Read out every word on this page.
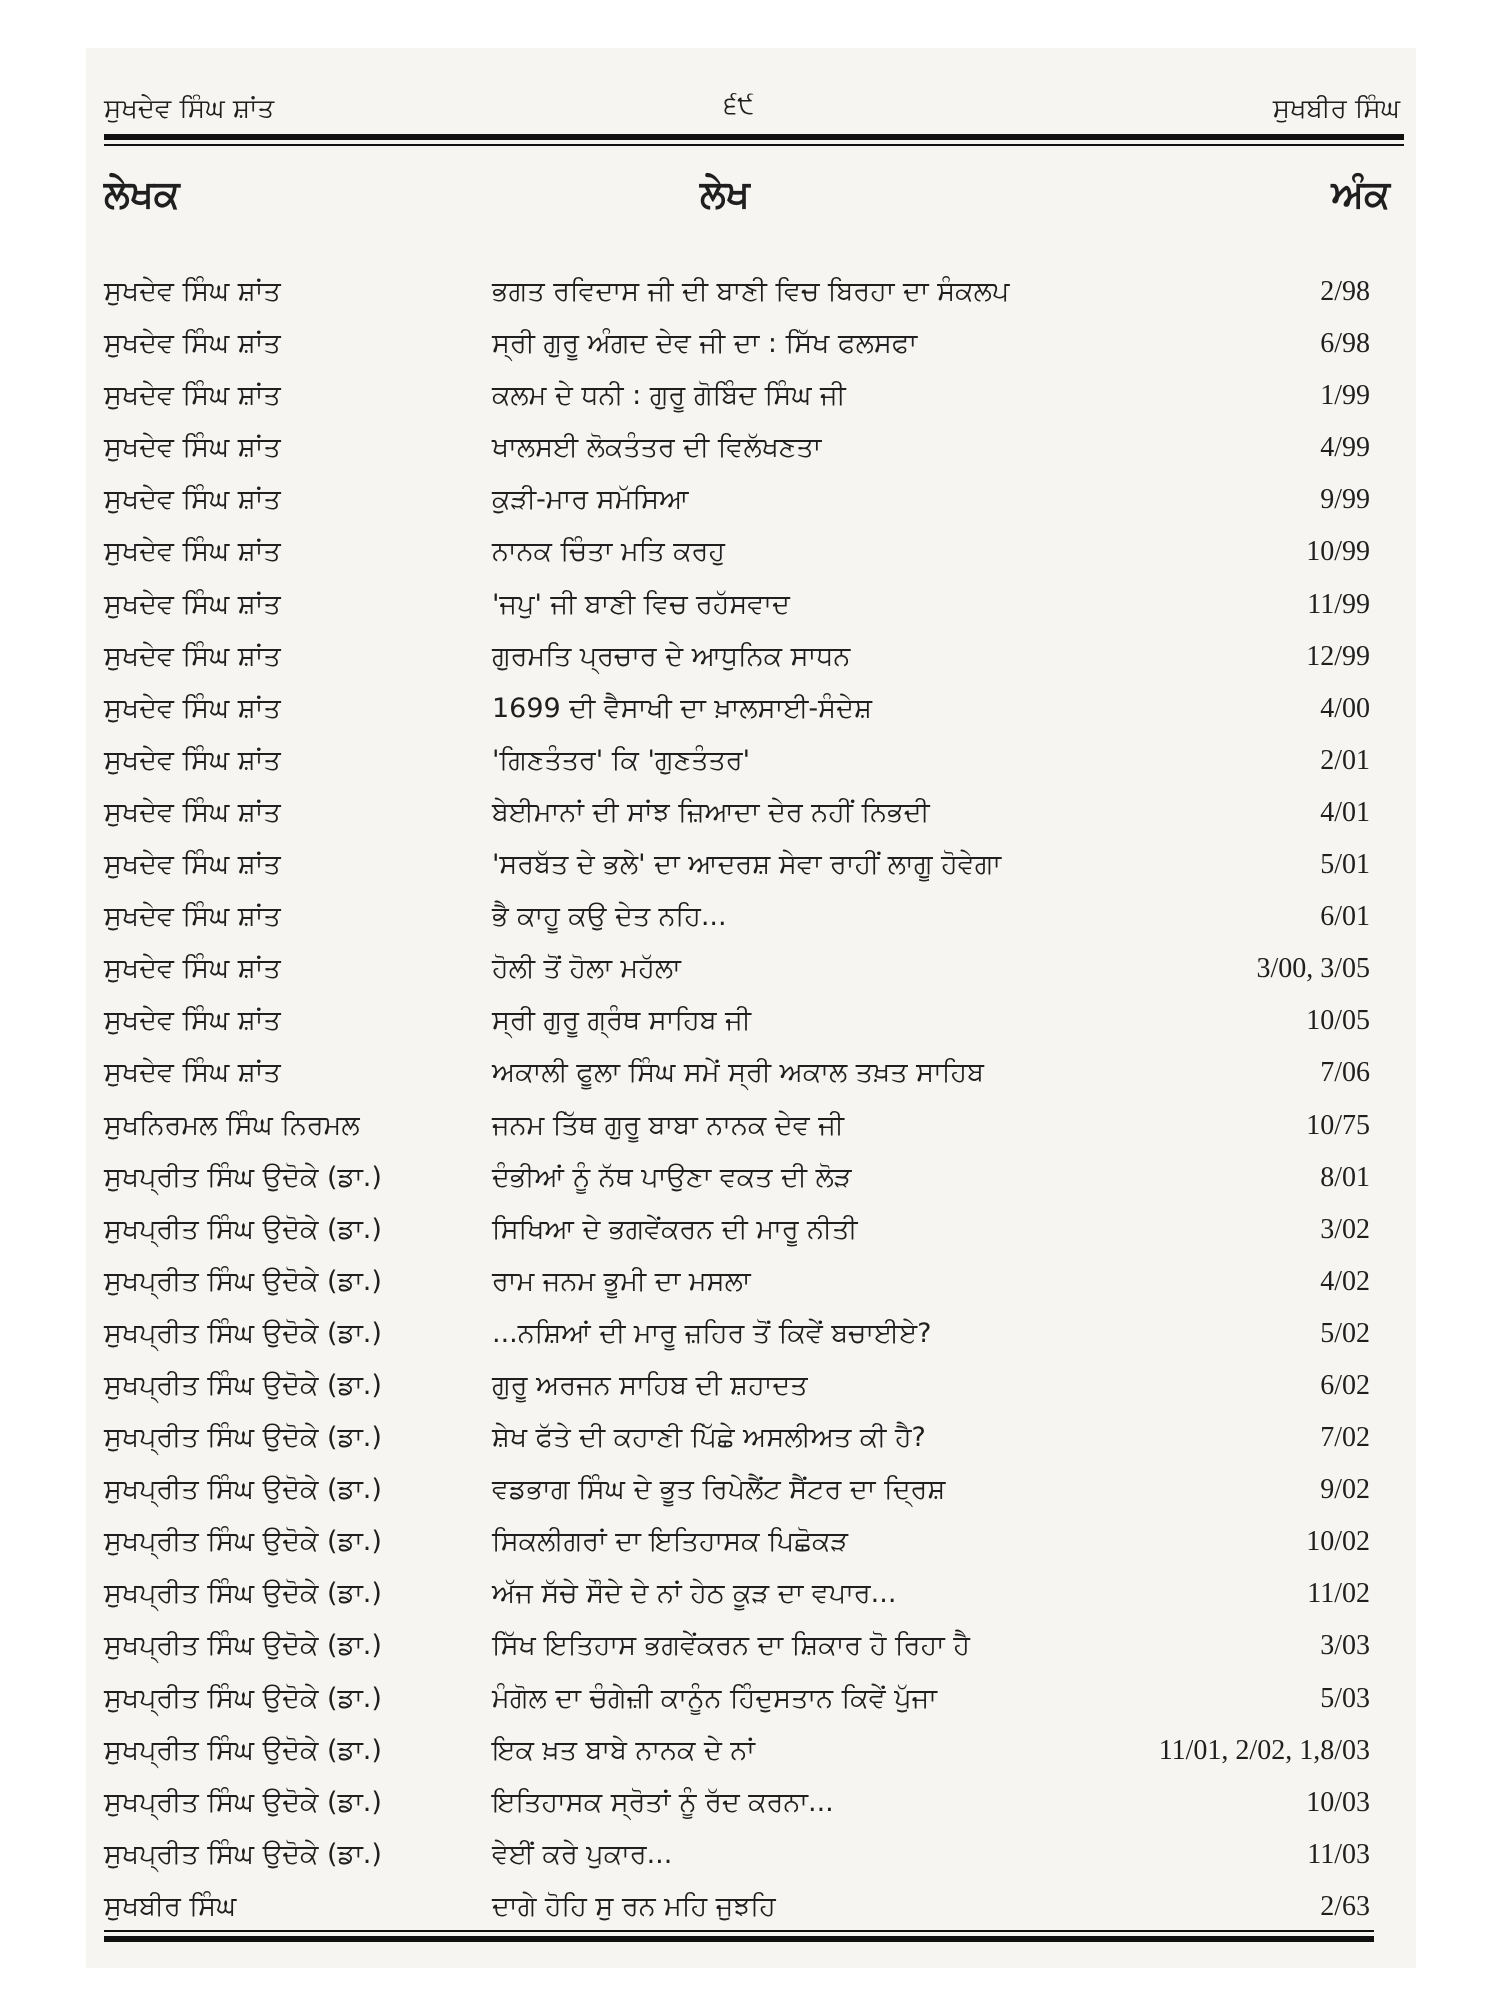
ਸੁਖਦੇਵ ਸਿੰਘ ਸ਼ਾਂਤ	੬੯	ਸੁਖਬੀਰ ਸਿੰਘ
ਲੇਖਕ	ਲੇਖ	ਅੰਕ
ਸੁਖਦੇਵ ਸਿੰਘ ਸ਼ਾਂਤ	ਭਗਤ ਰਵਿਦਾਸ ਜੀ ਦੀ ਬਾਣੀ ਵਿਚ ਬਿਰਹਾ ਦਾ ਸੰਕਲਪ	2/98
ਸੁਖਦੇਵ ਸਿੰਘ ਸ਼ਾਂਤ	ਸ੍ਰੀ ਗੁਰੂ ਅੰਗਦ ਦੇਵ ਜੀ ਦਾ : ਸਿੱਖ ਫਲਸਫਾ	6/98
ਸੁਖਦੇਵ ਸਿੰਘ ਸ਼ਾਂਤ	ਕਲਮ ਦੇ ਧਨੀ : ਗੁਰੂ ਗੋਬਿੰਦ ਸਿੰਘ ਜੀ	1/99
ਸੁਖਦੇਵ ਸਿੰਘ ਸ਼ਾਂਤ	ਖਾਲਸਈ ਲੋਕਤੰਤਰ ਦੀ ਵਿਲੱਖਣਤਾ	4/99
ਸੁਖਦੇਵ ਸਿੰਘ ਸ਼ਾਂਤ	ਕੁੜੀ-ਮਾਰ ਸਮੱਸਿਆ	9/99
ਸੁਖਦੇਵ ਸਿੰਘ ਸ਼ਾਂਤ	ਨਾਨਕ ਚਿੰਤਾ ਮਤਿ ਕਰਹੁ	10/99
ਸੁਖਦੇਵ ਸਿੰਘ ਸ਼ਾਂਤ	'ਜਪੁ' ਜੀ ਬਾਣੀ ਵਿਚ ਰਹੱਸਵਾਦ	11/99
ਸੁਖਦੇਵ ਸਿੰਘ ਸ਼ਾਂਤ	ਗੁਰਮਤਿ ਪ੍ਰਚਾਰ ਦੇ ਆਧੁਨਿਕ ਸਾਧਨ	12/99
ਸੁਖਦੇਵ ਸਿੰਘ ਸ਼ਾਂਤ	1699 ਦੀ ਵੈਸਾਖੀ ਦਾ ਖ਼ਾਲਸਾਈ-ਸੰਦੇਸ਼	4/00
ਸੁਖਦੇਵ ਸਿੰਘ ਸ਼ਾਂਤ	'ਗਿਣਤੰਤਰ' ਕਿ 'ਗੁਣਤੰਤਰ'	2/01
ਸੁਖਦੇਵ ਸਿੰਘ ਸ਼ਾਂਤ	ਬੇਈਮਾਨਾਂ ਦੀ ਸਾਂਝ ਜ਼ਿਆਦਾ ਦੇਰ ਨਹੀਂ ਨਿਭਦੀ	4/01
ਸੁਖਦੇਵ ਸਿੰਘ ਸ਼ਾਂਤ	'ਸਰਬੱਤ ਦੇ ਭਲੇ' ਦਾ ਆਦਰਸ਼ ਸੇਵਾ ਰਾਹੀਂ ਲਾਗੂ ਹੋਵੇਗਾ	5/01
ਸੁਖਦੇਵ ਸਿੰਘ ਸ਼ਾਂਤ	ਭੈ ਕਾਹੂ ਕਉ ਦੇਤ ਨਹਿ...	6/01
ਸੁਖਦੇਵ ਸਿੰਘ ਸ਼ਾਂਤ	ਹੋਲੀ ਤੋਂ ਹੋਲਾ ਮਹੱਲਾ	3/00, 3/05
ਸੁਖਦੇਵ ਸਿੰਘ ਸ਼ਾਂਤ	ਸ੍ਰੀ ਗੁਰੂ ਗ੍ਰੰਥ ਸਾਹਿਬ ਜੀ	10/05
ਸੁਖਦੇਵ ਸਿੰਘ ਸ਼ਾਂਤ	ਅਕਾਲੀ ਫੂਲਾ ਸਿੰਘ ਸਮੇਂ ਸ੍ਰੀ ਅਕਾਲ ਤਖ਼ਤ ਸਾਹਿਬ	7/06
ਸੁਖਨਿਰਮਲ ਸਿੰਘ ਨਿਰਮਲ	ਜਨਮ ਤਿੱਥ ਗੁਰੂ ਬਾਬਾ ਨਾਨਕ ਦੇਵ ਜੀ	10/75
ਸੁਖਪ੍ਰੀਤ ਸਿੰਘ ਉਦੋਕੇ (ਡਾ.)	ਦੰਭੀਆਂ ਨੂੰ ਨੱਥ ਪਾਉਣਾ ਵਕਤ ਦੀ ਲੋੜ	8/01
ਸੁਖਪ੍ਰੀਤ ਸਿੰਘ ਉਦੋਕੇ (ਡਾ.)	ਸਿਖਿਆ ਦੇ ਭਗਵੇਂਕਰਨ ਦੀ ਮਾਰੂ ਨੀਤੀ	3/02
ਸੁਖਪ੍ਰੀਤ ਸਿੰਘ ਉਦੋਕੇ (ਡਾ.)	ਰਾਮ ਜਨਮ ਭੂਮੀ ਦਾ ਮਸਲਾ	4/02
ਸੁਖਪ੍ਰੀਤ ਸਿੰਘ ਉਦੋਕੇ (ਡਾ.)	...ਨਸ਼ਿਆਂ ਦੀ ਮਾਰੂ ਜ਼ਹਿਰ ਤੋਂ ਕਿਵੇਂ ਬਚਾਈਏ?	5/02
ਸੁਖਪ੍ਰੀਤ ਸਿੰਘ ਉਦੋਕੇ (ਡਾ.)	ਗੁਰੂ ਅਰਜਨ ਸਾਹਿਬ ਦੀ ਸ਼ਹਾਦਤ	6/02
ਸੁਖਪ੍ਰੀਤ ਸਿੰਘ ਉਦੋਕੇ (ਡਾ.)	ਸ਼ੇਖ ਫੱਤੇ ਦੀ ਕਹਾਣੀ ਪਿੱਛੇ ਅਸਲੀਅਤ ਕੀ ਹੈ?	7/02
ਸੁਖਪ੍ਰੀਤ ਸਿੰਘ ਉਦੋਕੇ (ਡਾ.)	ਵਡਭਾਗ ਸਿੰਘ ਦੇ ਭੂਤ ਰਿਪੇਲੈਂਟ ਸੈਂਟਰ ਦਾ ਦ੍ਰਿਸ਼	9/02
ਸੁਖਪ੍ਰੀਤ ਸਿੰਘ ਉਦੋਕੇ (ਡਾ.)	ਸਿਕਲੀਗਰਾਂ ਦਾ ਇਤਿਹਾਸਕ ਪਿਛੋਕੜ	10/02
ਸੁਖਪ੍ਰੀਤ ਸਿੰਘ ਉਦੋਕੇ (ਡਾ.)	ਅੱਜ ਸੱਚੇ ਸੌਦੇ ਦੇ ਨਾਂ ਹੇਠ ਕੂੜ ਦਾ ਵਪਾਰ...	11/02
ਸੁਖਪ੍ਰੀਤ ਸਿੰਘ ਉਦੋਕੇ (ਡਾ.)	ਸਿੱਖ ਇਤਿਹਾਸ ਭਗਵੇਂਕਰਨ ਦਾ ਸ਼ਿਕਾਰ ਹੋ ਰਿਹਾ ਹੈ	3/03
ਸੁਖਪ੍ਰੀਤ ਸਿੰਘ ਉਦੋਕੇ (ਡਾ.)	ਮੰਗੋਲ ਦਾ ਚੰਗੇਜ਼ੀ ਕਾਨੂੰਨ ਹਿੰਦੁਸਤਾਨ ਕਿਵੇਂ ਪੁੱਜਾ	5/03
ਸੁਖਪ੍ਰੀਤ ਸਿੰਘ ਉਦੋਕੇ (ਡਾ.)	ਇਕ ਖ਼ਤ ਬਾਬੇ ਨਾਨਕ ਦੇ ਨਾਂ	11/01, 2/02, 1,8/03
ਸੁਖਪ੍ਰੀਤ ਸਿੰਘ ਉਦੋਕੇ (ਡਾ.)	ਇਤਿਹਾਸਕ ਸ੍ਰੋਤਾਂ ਨੂੰ ਰੱਦ ਕਰਨਾ...	10/03
ਸੁਖਪ੍ਰੀਤ ਸਿੰਘ ਉਦੋਕੇ (ਡਾ.)	ਵੇਈਂ ਕਰੇ ਪੁਕਾਰ...	11/03
ਸੁਖਬੀਰ ਸਿੰਘ	ਦਾਗੇ ਹੋਹਿ ਸੁ ਰਨ ਮਹਿ ਜੁਝਹਿ	2/63
